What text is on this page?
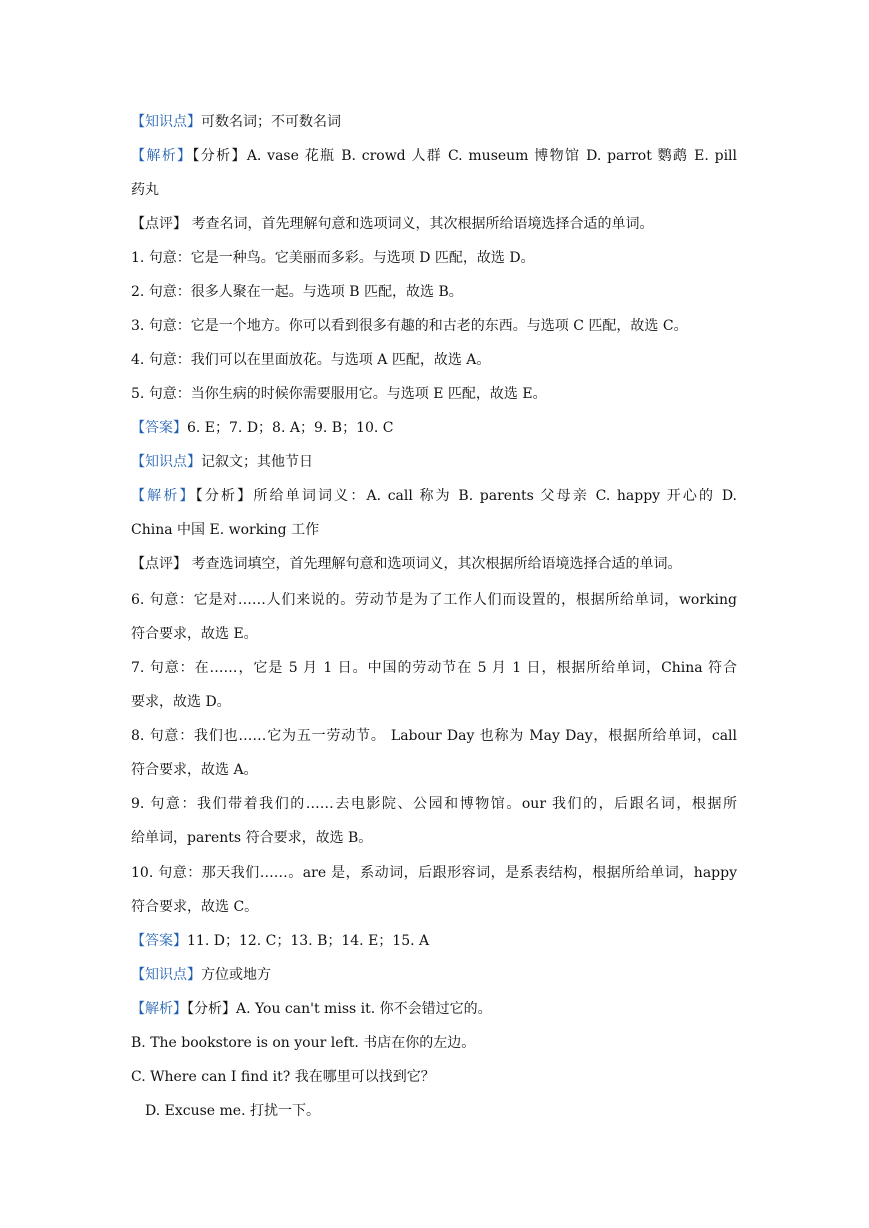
【知识点】可数名词；不可数名词
【解析】【分析】A. vase 花瓶 B. crowd 人群 C. museum 博物馆 D. parrot 鹦鹉 E. pill
药丸
【点评】 考查名词，首先理解句意和选项词义，其次根据所给语境选择合适的单词。
1. 句意：它是一种鸟。它美丽而多彩。与选项 D 匹配，故选 D。
2. 句意：很多人聚在一起。与选项 B 匹配，故选 B。
3. 句意：它是一个地方。你可以看到很多有趣的和古老的东西。与选项 C 匹配，故选 C。
4. 句意：我们可以在里面放花。与选项 A 匹配，故选 A。
5. 句意：当你生病的时候你需要服用它。与选项 E 匹配，故选 E。
【答案】6. E；7. D；8. A；9. B；10. C
【知识点】记叙文；其他节日
【解析】【分析】所给单词词义：A. call 称为 B. parents 父母亲 C. happy 开心的 D.
China 中国 E. working 工作
【点评】 考查选词填空，首先理解句意和选项词义，其次根据所给语境选择合适的单词。
6. 句意：它是对……人们来说的。劳动节是为了工作人们而设置的，根据所给单词，working
符合要求，故选 E。
7. 句意：在……，它是 5 月 1 日。中国的劳动节在 5 月 1 日，根据所给单词，China 符合
要求，故选 D。
8. 句意：我们也……它为五一劳动节。 Labour Day 也称为 May Day，根据所给单词，call
符合要求，故选 A。
9. 句意：我们带着我们的……去电影院、公园和博物馆。our 我们的，后跟名词，根据所
给单词，parents 符合要求，故选 B。
10. 句意：那天我们……。are 是，系动词，后跟形容词，是系表结构，根据所给单词，happy
符合要求，故选 C。
【答案】11. D；12. C；13. B；14. E；15. A
【知识点】方位或地方
【解析】【分析】A. You can't miss it. 你不会错过它的。
B. The bookstore is on your left. 书店在你的左边。
C. Where can I find it? 我在哪里可以找到它？
D. Excuse me. 打扰一下。
